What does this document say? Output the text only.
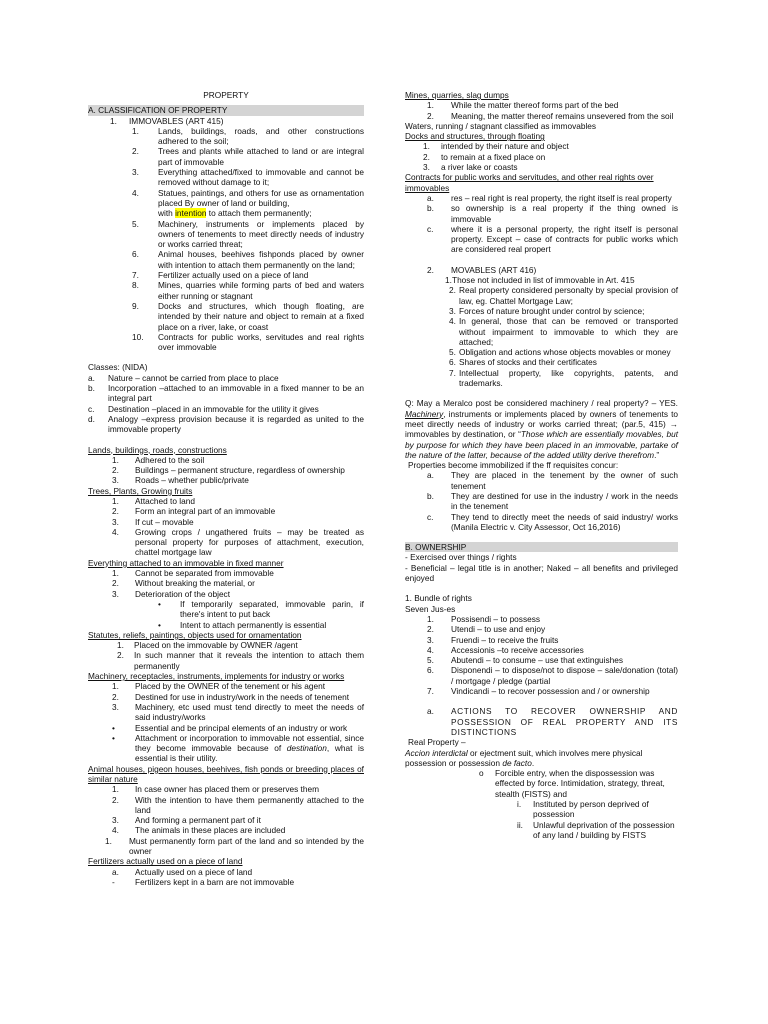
PROPERTY
A. CLASSIFICATION OF PROPERTY
1.	IMMOVABLES (ART 415)
1.	Lands, buildings, roads, and other constructions adhered to the soil;
2.	Trees and plants while attached to land or are integral part of immovable
3.	Everything attached/fixed to immovable and cannot be removed without damage to it;
4.	Statues, paintings, and others for use as ornamentation placed By owner of land or building,
with intention to attach them permanently;
5.	Machinery, instruments or implements placed by owners of tenements to meet directly needs of industry or works carried threat;
6.	Animal houses, beehives fishponds placed by owner with intention to attach them permanently on the land;
7.	Fertilizer actually used on a piece of land
8.	Mines, quarries while forming parts of bed and waters either running or stagnant
9.	Docks and structures, which though floating, are intended by their nature and object to remain at a fixed place on a river, lake, or coast
10.	Contracts for public works, servitudes and real rights over immovable
Classes: (NIDA)
a.	Nature – cannot be carried from place to place
b.	Incorporation –attached to an immovable in a fixed manner to be an integral part
c.	Destination –placed in an immovable for the utility it gives
d.	Analogy –express provision because it is regarded as united to the immovable property
Lands, buildings, roads, constructions
1.	Adhered to the soil
2.	Buildings – permanent structure, regardless of ownership
3.	Roads – whether public/private
Trees, Plants, Growing fruits
1.	Attached to land
2.	Form an integral part of an immovable
3.	If cut – movable
4.	Growing crops / ungathered fruits – may be treated as personal property for purposes of attachment, execution, chattel mortgage law
Everything attached to an immovable in fixed manner
1.	Cannot be separated from immovable
2.	Without breaking the material, or
3.	Deterioration of the object
•	If temporarily separated, immovable parin, if there's intent to put back
•	Intent to attach permanently is essential
Statutes, reliefs, paintings, objects used for ornamentation
1.	Placed on the immovable by OWNER /agent
2.	In such manner that it reveals the intention to attach them permanently
Machinery, receptacles, instruments, implements for industry or works
1.	Placed by the OWNER of the tenement or his agent
2.	Destined for use in industry/work in the needs of tenement
3.	Machinery, etc used must tend directly to meet the needs of said industry/works
•	Essential and be principal elements of an industry or work
•	Attachment or incorporation to immovable not essential, since they become immovable because of destination, what is essential is their utility.
Animal houses, pigeon houses, beehives, fish ponds or breeding places of similar nature
1.	In case owner has placed them or preserves them
2.	With the intention to have them permanently attached to the land
3.	And forming a permanent part of it
4.	The animals in these places are included
1.	Must permanently form part of the land and so intended by the owner
Fertilizers actually used on a piece of land
a.	Actually used on a piece of land
-	Fertilizers kept in a barn are not immovable
Mines, quarries, slag dumps
1.	While the matter thereof forms part of the bed
2.	Meaning, the matter thereof remains unsevered from the soil
Waters, running / stagnant classified as immovables
Docks and structures, through floating
1.	intended by their nature and object
2.	to remain at a fixed place on
3.	a river lake or coasts
Contracts for public works and servitudes, and other real rights over immovables
a.	res – real right is real property, the right itself is real property
b.	so ownership is a real property if the thing owned is immovable
c.	where it is a personal property, the right itself is personal property. Except – case of contracts for public works which are considered real propert
2.	MOVABLES (ART 416)
1. Those not included in list of immovable in Art. 415
2. Real property considered personalty by special provision of law, eg. Chattel Mortgage Law;
3. Forces of nature brought under control by science;
4. In general, those that can be removed or transported without impairment to immovable to which they are attached;
5. Obligation and actions whose objects movables or money
6. Shares of stocks and their certificates
7. Intellectual property, like copyrights, patents, and trademarks.
Q: May a Meralco post be considered machinery / real property? – YES. Machinery, instruments or implements placed by owners of tenements to meet directly needs of industry or works carried threat; (par.5, 415) → immovables by destination, or “Those which are essentially movables, but by purpose for which they have been placed in an immovable, partake of the nature of the latter, because of the added utility derive therefrom.”
Properties become immobilized if the ff requisites concur:
a.	They are placed in the tenement by the owner of such tenement
b.	They are destined for use in the industry / work in the needs in the tenement
c.	They tend to directly meet the needs of said industry/ works (Manila Electric v. City Assessor, Oct 16,2016)
B. OWNERSHIP
- Exercised over things / rights
- Beneficial – legal title is in another; Naked – all benefits and privileged enjoyed
1. Bundle of rights
Seven Jus-es
1.	Possisendi – to possess
2.	Utendi – to use and enjoy
3.	Fruendi – to receive the fruits
4.	Accessionis –to receive accessories
5.	Abutendi – to consume – use that extinguishes
6.	Disponendi – to dispose/not to dispose – sale/donation (total) / mortgage / pledge (partial
7.	Vindicandi – to recover possession and / or ownership
a.	ACTIONS TO RECOVER OWNERSHIP AND POSSESSION OF REAL PROPERTY AND ITS DISTINCTIONS
Real Property –
Accion interdictal or ejectment suit, which involves mere physical possession or possession de facto.
o	Forcible entry, when the dispossession was effected by force. Intimidation, strategy, threat, stealth (FISTS) and
i.	Instituted by person deprived of possession
ii.	Unlawful deprivation of the possession of any land / building by FISTS
